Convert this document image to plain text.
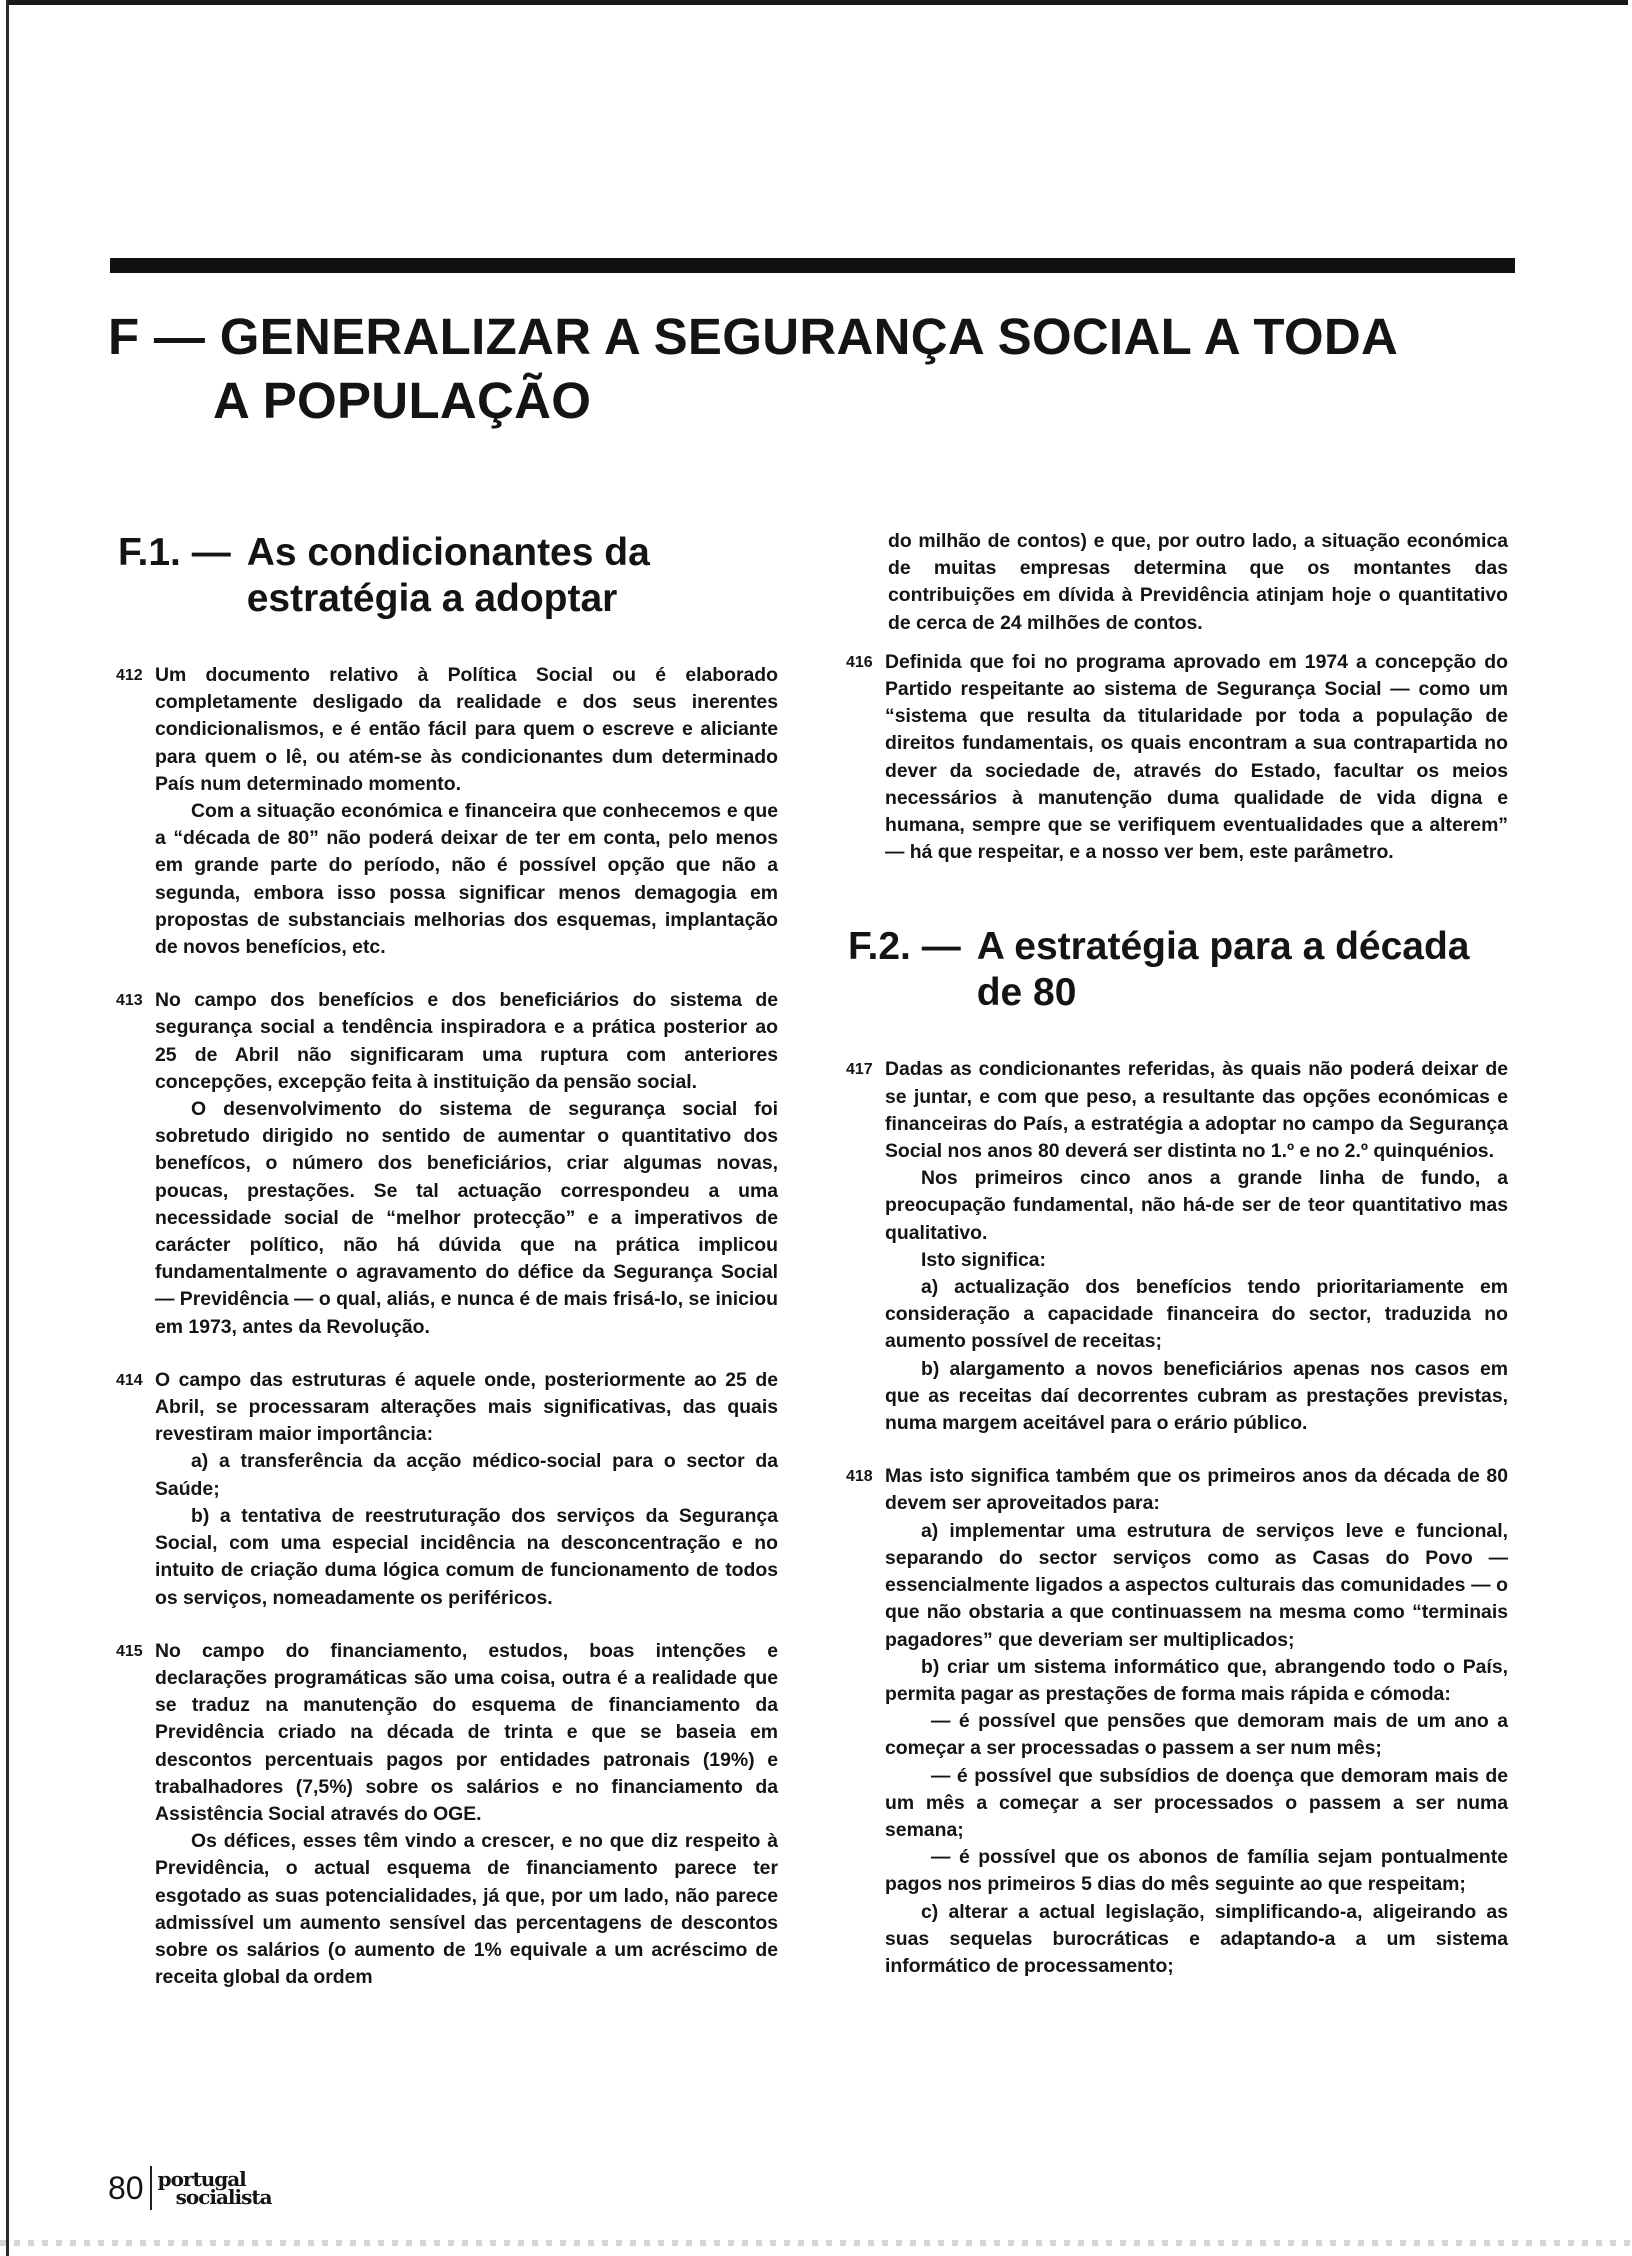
F — GENERALIZAR A SEGURANÇA SOCIAL A TODA
A POPULAÇÃO
F.1. — As condicionantes da estratégia a adoptar
412 Um documento relativo à Política Social ou é elaborado completamente desligado da realidade e dos seus inerentes condicionalismos, e é então fácil para quem o escreve e aliciante para quem o lê, ou atém-se às condicionantes dum determinado País num determinado momento.

Com a situação económica e financeira que conhecemos e que a “década de 80” não poderá deixar de ter em conta, pelo menos em grande parte do período, não é possível opção que não a segunda, embora isso possa significar menos demagogia em propostas de substanciais melhorias dos esquemas, implantação de novos benefícios, etc.

413 No campo dos benefícios e dos beneficiários do sistema de segurança social a tendência inspiradora e a prática posterior ao 25 de Abril não significaram uma ruptura com anteriores concepções, excepção feita à instituição da pensão social.

O desenvolvimento do sistema de segurança social foi sobretudo dirigido no sentido de aumentar o quantitativo dos benefícos, o número dos beneficiários, criar algumas novas, poucas, prestações. Se tal actuação correspondeu a uma necessidade social de “melhor protecção” e a imperativos de carácter político, não há dúvida que na prática implicou fundamentalmente o agravamento do défice da Segurança Social — Previdência — o qual, aliás, e nunca é de mais frisá-lo, se iniciou em 1973, antes da Revolução.

414 O campo das estruturas é aquele onde, posteriormente ao 25 de Abril, se processaram alterações mais significativas, das quais revestiram maior importância:

a) a transferência da acção médico-social para o sector da Saúde;

b) a tentativa de reestruturação dos serviços da Segurança Social, com uma especial incidência na desconcentração e no intuito de criação duma lógica comum de funcionamento de todos os serviços, nomeadamente os periféricos.

415 No campo do financiamento, estudos, boas intenções e declarações programáticas são uma coisa, outra é a realidade que se traduz na manutenção do esquema de financiamento da Previdência criado na década de trinta e que se baseia em descontos percentuais pagos por entidades patronais (19%) e trabalhadores (7,5%) sobre os salários e no financiamento da Assistência Social através do OGE.

Os défices, esses têm vindo a crescer, e no que diz respeito à Previdência, o actual esquema de financiamento parece ter esgotado as suas potencialidades, já que, por um lado, não parece admissível um aumento sensível das percentagens de descontos sobre os salários (o aumento de 1% equivale a um acréscimo de receita global da ordem

do milhão de contos) e que, por outro lado, a situação económica de muitas empresas determina que os montantes das contribuições em dívida à Previdência atinjam hoje o quantitativo de cerca de 24 milhões de contos.

416 Definida que foi no programa aprovado em 1974 a concepção do Partido respeitante ao sistema de Segurança Social — como um “sistema que resulta da titularidade por toda a população de direitos fundamentais, os quais encontram a sua contrapartida no dever da sociedade de, através do Estado, facultar os meios necessários à manutenção duma qualidade de vida digna e humana, sempre que se verifiquem eventualidades que a alterem” — há que respeitar, e a nosso ver bem, este parâmetro.

F.2. — A estratégia para a década de 80
417 Dadas as condicionantes referidas, às quais não poderá deixar de se juntar, e com que peso, a resultante das opções económicas e financeiras do País, a estratégia a adoptar no campo da Segurança Social nos anos 80 deverá ser distinta no 1.º e no 2.º quinquénios.

Nos primeiros cinco anos a grande linha de fundo, a preocupação fundamental, não há-de ser de teor quantitativo mas qualitativo.

Isto significa:

a) actualização dos benefícios tendo prioritariamente em consideração a capacidade financeira do sector, traduzida no aumento possível de receitas;

b) alargamento a novos beneficiários apenas nos casos em que as receitas daí decorrentes cubram as prestações previstas, numa margem aceitável para o erário público.

418 Mas isto significa também que os primeiros anos da década de 80 devem ser aproveitados para:

a) implementar uma estrutura de serviços leve e funcional, separando do sector serviços como as Casas do Povo — essencialmente ligados a aspectos culturais das comunidades — o que não obstaria a que continuassem na mesma como “terminais pagadores” que deveriam ser multiplicados;

b) criar um sistema informático que, abrangendo todo o País, permita pagar as prestações de forma mais rápida e cómoda:

— é possível que pensões que demoram mais de um ano a começar a ser processadas o passem a ser num mês;

— é possível que subsídios de doença que demoram mais de um mês a começar a ser processados o passem a ser numa semana;

— é possível que os abonos de família sejam pontualmente pagos nos primeiros 5 dias do mês seguinte ao que respeitam;

c) alterar a actual legislação, simplificando-a, aligeirando as suas sequelas burocráticas e adaptando-a a um sistema informático de processamento;

80 portugal
socialista
